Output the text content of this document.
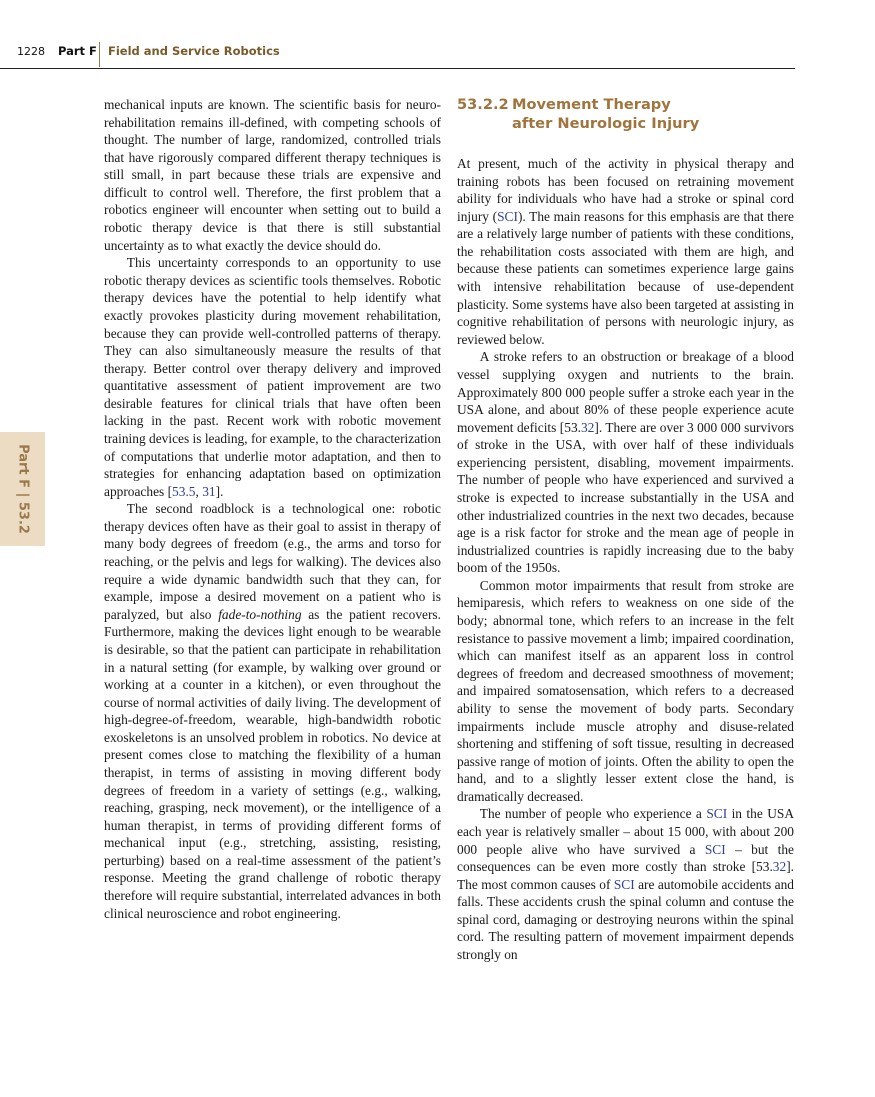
1228 Part F Field and Service Robotics
Part F | 53.2

mechanical inputs are known. The scientific basis for neuro-rehabilitation remains ill-defined, with competing schools of thought. The number of large, randomized, controlled trials that have rigorously compared different therapy techniques is still small, in part because these trials are expensive and difficult to control well. Therefore, the first problem that a robotics engineer will encounter when setting out to build a robotic therapy device is that there is still substantial uncertainty as to what exactly the device should do.

This uncertainty corresponds to an opportunity to use robotic therapy devices as scientific tools themselves. Robotic therapy devices have the potential to help identify what exactly provokes plasticity during movement rehabilitation, because they can provide well-controlled patterns of therapy. They can also simultaneously measure the results of that therapy. Better control over therapy delivery and improved quantitative assessment of patient improvement are two desirable features for clinical trials that have often been lacking in the past. Recent work with robotic movement training devices is leading, for example, to the characterization of computations that underlie motor adaptation, and then to strategies for enhancing adaptation based on optimization approaches [53.5, 31].

The second roadblock is a technological one: robotic therapy devices often have as their goal to assist in therapy of many body degrees of freedom (e.g., the arms and torso for reaching, or the pelvis and legs for walking). The devices also require a wide dynamic bandwidth such that they can, for example, impose a desired movement on a patient who is paralyzed, but also fade-to-nothing as the patient recovers. Furthermore, making the devices light enough to be wearable is desirable, so that the patient can participate in rehabilitation in a natural setting (for example, by walking over ground or working at a counter in a kitchen), or even throughout the course of normal activities of daily living. The development of high-degree-of-freedom, wearable, high-bandwidth robotic exoskeletons is an unsolved problem in robotics. No device at present comes close to matching the flexibility of a human therapist, in terms of assisting in moving different body degrees of freedom in a variety of settings (e.g., walking, reaching, grasping, neck movement), or the intelligence of a human therapist, in terms of providing different forms of mechanical input (e.g., stretching, assisting, resisting, perturbing) based on a real-time assessment of the patient’s response. Meeting the grand challenge of robotic therapy therefore will require substantial, interrelated advances in both clinical neuroscience and robot engineering.

53.2.2 Movement Therapy
after Neurologic Injury

At present, much of the activity in physical therapy and training robots has been focused on retraining movement ability for individuals who have had a stroke or spinal cord injury (SCI). The main reasons for this emphasis are that there are a relatively large number of patients with these conditions, the rehabilitation costs associated with them are high, and because these patients can sometimes experience large gains with intensive rehabilitation because of use-dependent plasticity. Some systems have also been targeted at assisting in cognitive rehabilitation of persons with neurologic injury, as reviewed below.

A stroke refers to an obstruction or breakage of a blood vessel supplying oxygen and nutrients to the brain. Approximately 800 000 people suffer a stroke each year in the USA alone, and about 80% of these people experience acute movement deficits [53.32]. There are over 3 000 000 survivors of stroke in the USA, with over half of these individuals experiencing persistent, disabling, movement impairments. The number of people who have experienced and survived a stroke is expected to increase substantially in the USA and other industrialized countries in the next two decades, because age is a risk factor for stroke and the mean age of people in industrialized countries is rapidly increasing due to the baby boom of the 1950s.

Common motor impairments that result from stroke are hemiparesis, which refers to weakness on one side of the body; abnormal tone, which refers to an increase in the felt resistance to passive movement a limb; impaired coordination, which can manifest itself as an apparent loss in control degrees of freedom and decreased smoothness of movement; and impaired somatosensation, which refers to a decreased ability to sense the movement of body parts. Secondary impairments include muscle atrophy and disuse-related shortening and stiffening of soft tissue, resulting in decreased passive range of motion of joints. Often the ability to open the hand, and to a slightly lesser extent close the hand, is dramatically decreased.

The number of people who experience a SCI in the USA each year is relatively smaller – about 15 000, with about 200 000 people alive who have survived a SCI – but the consequences can be even more costly than stroke [53.32]. The most common causes of SCI are automobile accidents and falls. These accidents crush the spinal column and contuse the spinal cord, damaging or destroying neurons within the spinal cord. The resulting pattern of movement impairment depends strongly on
